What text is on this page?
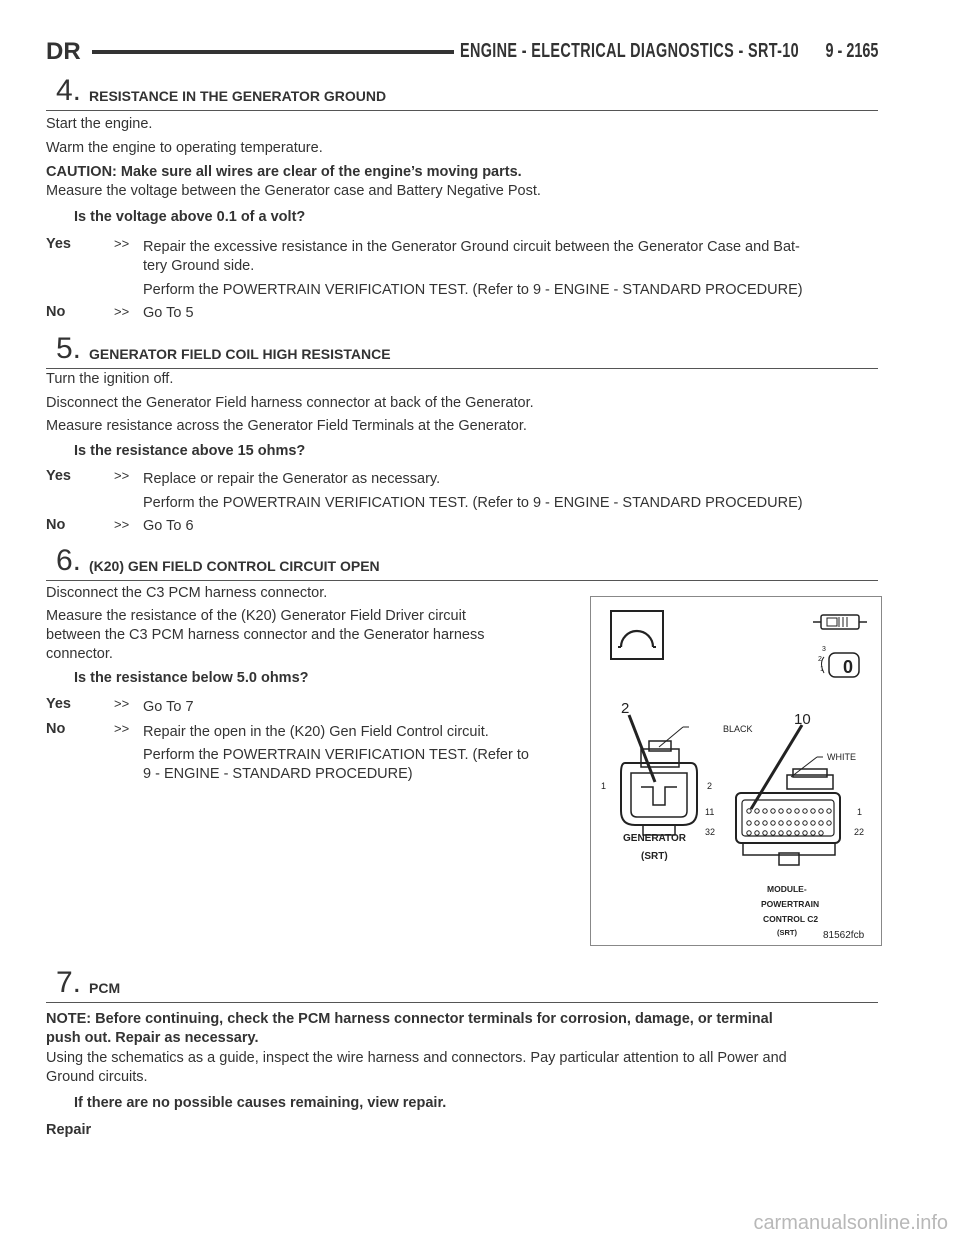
DR	ENGINE - ELECTRICAL DIAGNOSTICS - SRT-10 9 - 2165
4. RESISTANCE IN THE GENERATOR GROUND

Start the engine.

Warm the engine to operating temperature.

CAUTION: Make sure all wires are clear of the engine’s moving parts.

Measure the voltage between the Generator case and Battery Negative Post.

Is the voltage above 0.1 of a volt?

Yes	>> Repair the excessive resistance in the Generator Ground circuit between the Generator Case and Bat-

tery Ground side.

Perform the POWERTRAIN VERIFICATION TEST. (Refer to 9 - ENGINE - STANDARD PROCEDURE)

No	>> Go To 5

5. GENERATOR FIELD COIL HIGH RESISTANCE

Turn the ignition off.

Disconnect the Generator Field harness connector at back of the Generator.

Measure resistance across the Generator Field Terminals at the Generator.

Is the resistance above 15 ohms?

Yes	>> Replace or repair the Generator as necessary.

Perform the POWERTRAIN VERIFICATION TEST. (Refer to 9 - ENGINE - STANDARD PROCEDURE)

No	>> Go To 6

6. (K20) GEN FIELD CONTROL CIRCUIT OPEN

Disconnect the C3 PCM harness connector.

Measure the resistance of the (K20) Generator Field Driver circuit

between the C3 PCM harness connector and the Generator harness

connector.

Is the resistance below 5.0 ohms?

Yes	>> Go To 7

No	>> Repair the open in the (K20) Gen Field Control circuit.

Perform the POWERTRAIN VERIFICATION TEST. (Refer to

9 - ENGINE - STANDARD PROCEDURE)

0
3
2
1
2
10
BLACK
WHITE
1	2
11	1
32	22
GENERATOR
(SRT)
MODULE-
POWERTRAIN
CONTROL C2
(SRT)	81562fcb
7. PCM

NOTE: Before continuing, check the PCM harness connector terminals for corrosion, damage, or terminal

push out. Repair as necessary.

Using the schematics as a guide, inspect the wire harness and connectors. Pay particular attention to all Power and

Ground circuits.

If there are no possible causes remaining, view repair.

Repair

carmanualsonline.info
